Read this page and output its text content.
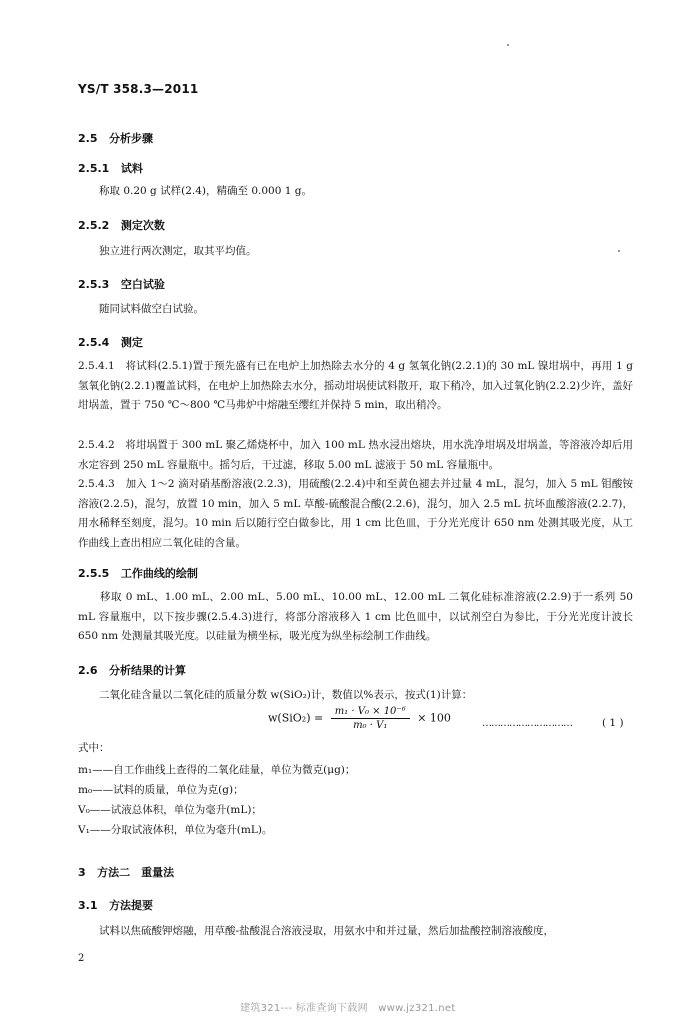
YS/T 358.3—2011
2.5 分析步骤
2.5.1 试料
称取 0.20 g 试样(2.4)，精确至 0.000 1 g。
2.5.2 测定次数
独立进行两次测定，取其平均值。
2.5.3 空白试验
随同试料做空白试验。
2.5.4 测定
2.5.4.1　将试料(2.5.1)置于预先盛有已在电炉上加热除去水分的 4 g 氢氧化钠(2.2.1)的 30 mL 镍坩埚中，再用 1 g 氢氧化钠(2.2.1)覆盖试料，在电炉上加热除去水分，摇动坩埚使试料散开，取下稍冷，加入过氧化钠(2.2.2)少许，盖好坩埚盖，置于 750 ℃～800 ℃马弗炉中熔融至缨红并保持 5 min，取出稍冷。
2.5.4.2　将坩埚置于 300 mL 聚乙烯烧杯中，加入 100 mL 热水浸出熔块，用水洗净坩埚及坩埚盖，等溶液冷却后用水定容到 250 mL 容量瓶中。摇匀后，干过滤，移取 5.00 mL 滤液于 50 mL 容量瓶中。
2.5.4.3　加入 1～2 滴对硝基酚溶液(2.2.3)，用硫酸(2.2.4)中和至黄色褪去并过量 4 mL，混匀，加入 5 mL 钼酸铵溶液(2.2.5)，混匀，放置 10 min，加入 5 mL 草酸-硫酸混合酸(2.2.6)，混匀，加入 2.5 mL 抗坏血酸溶液(2.2.7)，用水稀释至刻度，混匀。10 min 后以随行空白做参比，用 1 cm 比色皿，于分光光度计 650 nm 处测其吸光度，从工作曲线上查出相应二氧化硅的含量。
2.5.5 工作曲线的绘制
移取 0 mL、1.00 mL、2.00 mL、5.00 mL、10.00 mL、12.00 mL 二氧化硅标准溶液(2.2.9)于一系列 50 mL 容量瓶中，以下按步骤(2.5.4.3)进行，将部分溶液移入 1 cm 比色皿中，以试剂空白为参比，于分光光度计波长 650 nm 处测量其吸光度。以硅量为横坐标，吸光度为纵坐标绘制工作曲线。
2.6 分析结果的计算
二氧化硅含量以二氧化硅的质量分数 w(SiO₂)计，数值以%表示，按式(1)计算：
$w(SiO_2) = \frac{\text{m₁ · V₀ × 10⁻⁶}}{\text{m₀ · V₁}} \times 100$	…………………………	( 1 )
式中：
m₁——自工作曲线上查得的二氧化硅量，单位为微克(μg)；
m₀——试料的质量，单位为克(g)；
V₀——试液总体积，单位为毫升(mL)；
V₁——分取试液体积，单位为毫升(mL)。
3 方法二　重量法
3.1 方法提要
试料以焦硫酸钾熔融，用草酸-盐酸混合溶液浸取，用氨水中和并过量，然后加盐酸控制溶液酸度，
2
建筑321--- 标准查询下载网　www.jz321.net
